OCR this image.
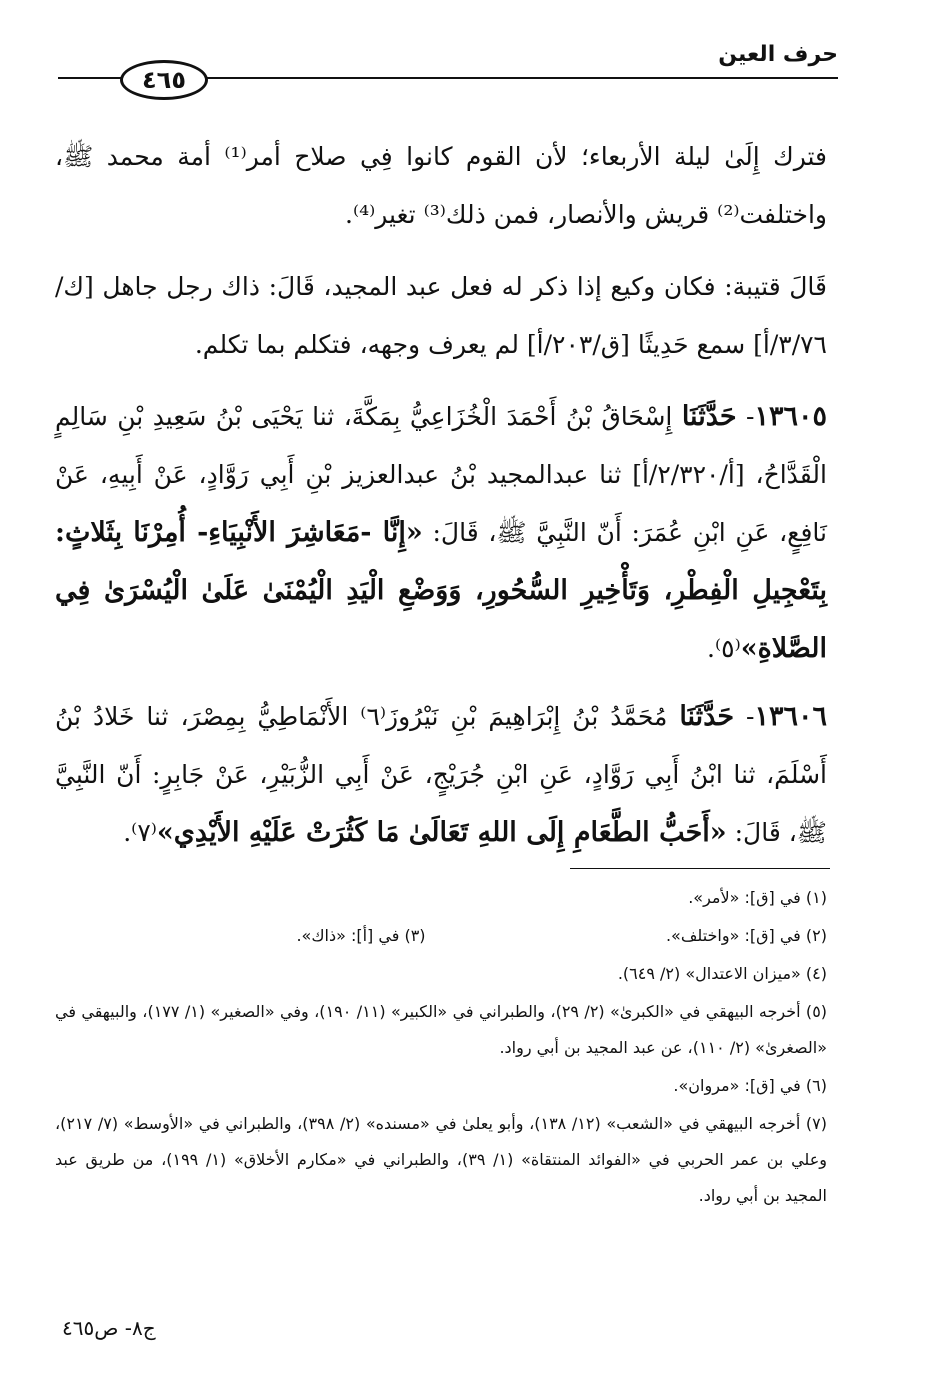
حرف العين
٤٦٥

فترك إِلَىٰ ليلة الأربعاء؛ لأن القوم كانوا فِي صلاح أمر⁽¹⁾ أمة محمد ﷺ، واختلفت⁽²⁾ قريش والأنصار، فمن ذلك⁽³⁾ تغير⁽⁴⁾.

قَالَ قتيبة: فكان وكيع إذا ذكر له فعل عبد المجيد، قَالَ: ذاك رجل جاهل [ك/٣/٧٦/أ] سمع حَدِيثًا [ق/٢٠٣/أ] لم يعرف وجهه، فتكلم بما تكلم.

١٣٦٠٥- حَدَّثَنَا إِسْحَاقُ بْنُ أَحْمَدَ الْخُزَاعِيُّ بِمَكَّةَ، ثنا يَحْيَى بْنُ سَعِيدِ بْنِ سَالِمٍ الْقَدَّاحُ، [أ/٢/٣٢٠/أ] ثنا عبدالمجيد بْنُ عبدالعزيز بْنِ أَبِي رَوَّادٍ، عَنْ أَبِيهِ، عَنْ نَافِعٍ، عَنِ ابْنِ عُمَرَ: أَنّ النَّبِيَّ ﷺ، قَالَ: «إِنَّا -مَعَاشِرَ الأَنْبِيَاءِ- أُمِرْنَا بِثَلاثٍ: بِتَعْجِيلِ الْفِطْرِ، وَتَأْخِيرِ السُّحُورِ، وَوَضْعِ الْيَدِ الْيُمْنَىٰ عَلَىٰ الْيُسْرَىٰ فِي الصَّلاةِ»⁽٥⁾.

١٣٦٠٦- حَدَّثَنَا مُحَمَّدُ بْنُ إِبْرَاهِيمَ بْنِ نَيْرُوزَ⁽٦⁾ الأَنْمَاطِيُّ بِمِصْرَ، ثنا خَلادُ بْنُ أَسْلَمَ، ثنا ابْنُ أَبِي رَوَّادٍ، عَنِ ابْنِ جُرَيْجٍ، عَنْ أَبِي الزُّبَيْرِ، عَنْ جَابِرٍ: أَنّ النَّبِيَّ ﷺ، قَالَ: «أَحَبُّ الطَّعَامِ إِلَى اللهِ تَعَالَىٰ مَا كَثُرَتْ عَلَيْهِ الأَيْدِي»⁽٧⁾.

(١) في [ق]: «لأمر».

(٢) في [ق]: «واختلف».

(٣) في [أ]: «ذاك».

(٤) «ميزان الاعتدال» (٢/ ٦٤٩).

(٥) أخرجه البيهقي في «الكبرىٰ» (٢/ ٢٩)، والطبراني في «الكبير» (١١/ ١٩٠)، وفي «الصغير» (١/ ١٧٧)، والبيهقي في «الصغرىٰ» (٢/ ١١٠)، عن عبد المجيد بن أبي رواد.

(٦) في [ق]: «مروان».

(٧) أخرجه البيهقي في «الشعب» (١٢/ ١٣٨)، وأبو يعلىٰ في «مسنده» (٢/ ٣٩٨)، والطبراني في «الأوسط» (٧/ ٢١٧)، وعلي بن عمر الحربي في «الفوائد المنتقاة» (١/ ٣٩)، والطبراني في «مكارم الأخلاق» (١/ ١٩٩)، من طريق عبد المجيد بن أبي رواد.

ج٨- ص٤٦٥
